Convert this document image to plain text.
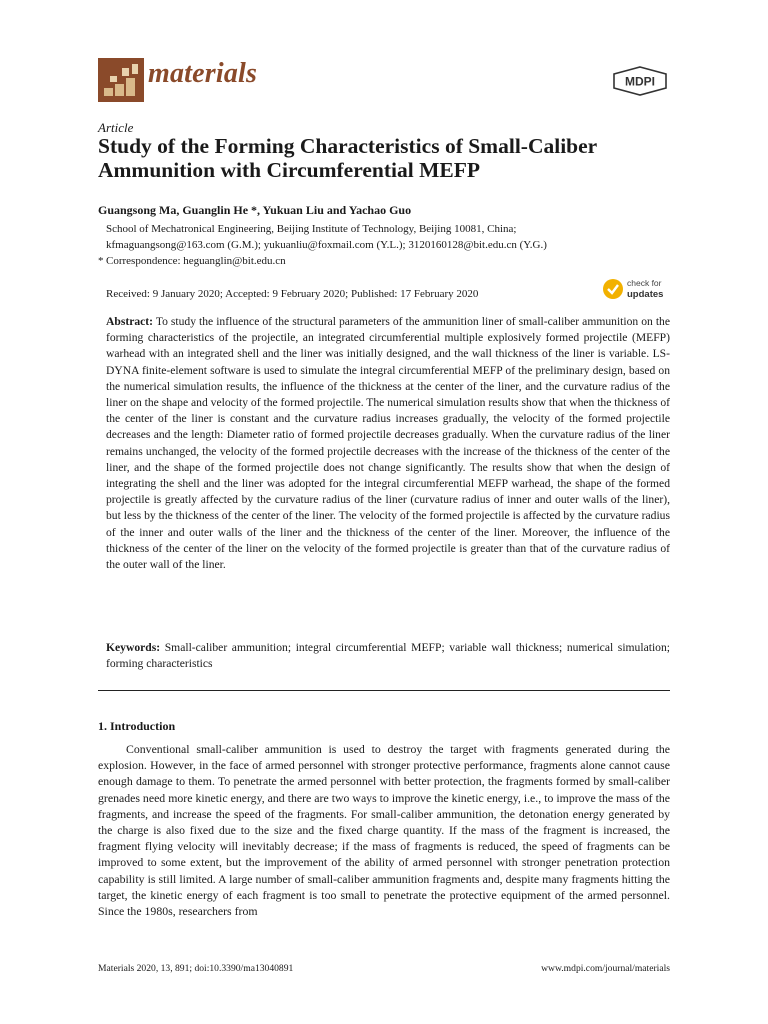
materials	MDPI
Article
Study of the Forming Characteristics of Small-Caliber Ammunition with Circumferential MEFP
Guangsong Ma, Guanglin He *, Yukuan Liu and Yachao Guo
School of Mechatronical Engineering, Beijing Institute of Technology, Beijing 10081, China;
kfmaguangsong@163.com (G.M.); yukuanliu@foxmail.com (Y.L.); 3120160128@bit.edu.cn (Y.G.)
* Correspondence: heguanglin@bit.edu.cn
Received: 9 January 2020; Accepted: 9 February 2020; Published: 17 February 2020
check for
updates
Abstract: To study the influence of the structural parameters of the ammunition liner of small-caliber ammunition on the forming characteristics of the projectile, an integrated circumferential multiple explosively formed projectile (MEFP) warhead with an integrated shell and the liner was initially designed, and the wall thickness of the liner is variable. LS-DYNA finite-element software is used to simulate the integral circumferential MEFP of the preliminary design, based on the numerical simulation results, the influence of the thickness at the center of the liner, and the curvature radius of the liner on the shape and velocity of the formed projectile. The numerical simulation results show that when the thickness of the center of the liner is constant and the curvature radius increases gradually, the velocity of the formed projectile decreases and the length: Diameter ratio of formed projectile decreases gradually. When the curvature radius of the liner remains unchanged, the velocity of the formed projectile decreases with the increase of the thickness of the center of the liner, and the shape of the formed projectile does not change significantly. The results show that when the design of integrating the shell and the liner was adopted for the integral circumferential MEFP warhead, the shape of the formed projectile is greatly affected by the curvature radius of the liner (curvature radius of inner and outer walls of the liner), but less by the thickness of the center of the liner. The velocity of the formed projectile is affected by the curvature radius of the inner and outer walls of the liner and the thickness of the center of the liner. Moreover, the influence of the thickness of the center of the liner on the velocity of the formed projectile is greater than that of the curvature radius of the outer wall of the liner.
Keywords: Small-caliber ammunition; integral circumferential MEFP; variable wall thickness; numerical simulation; forming characteristics
1. Introduction
Conventional small-caliber ammunition is used to destroy the target with fragments generated during the explosion. However, in the face of armed personnel with stronger protective performance, fragments alone cannot cause enough damage to them. To penetrate the armed personnel with better protection, the fragments formed by small-caliber grenades need more kinetic energy, and there are two ways to improve the kinetic energy, i.e., to improve the mass of the fragments, and increase the speed of the fragments. For small-caliber ammunition, the detonation energy generated by the charge is also fixed due to the size and the fixed charge quantity. If the mass of the fragment is increased, the fragment flying velocity will inevitably decrease; if the mass of fragments is reduced, the speed of fragments can be improved to some extent, but the improvement of the ability of armed personnel with stronger penetration protection capability is still limited. A large number of small-caliber ammunition fragments and, despite many fragments hitting the target, the kinetic energy of each fragment is too small to penetrate the protective equipment of the armed personnel. Since the 1980s, researchers from
Materials 2020, 13, 891; doi:10.3390/ma13040891	www.mdpi.com/journal/materials
